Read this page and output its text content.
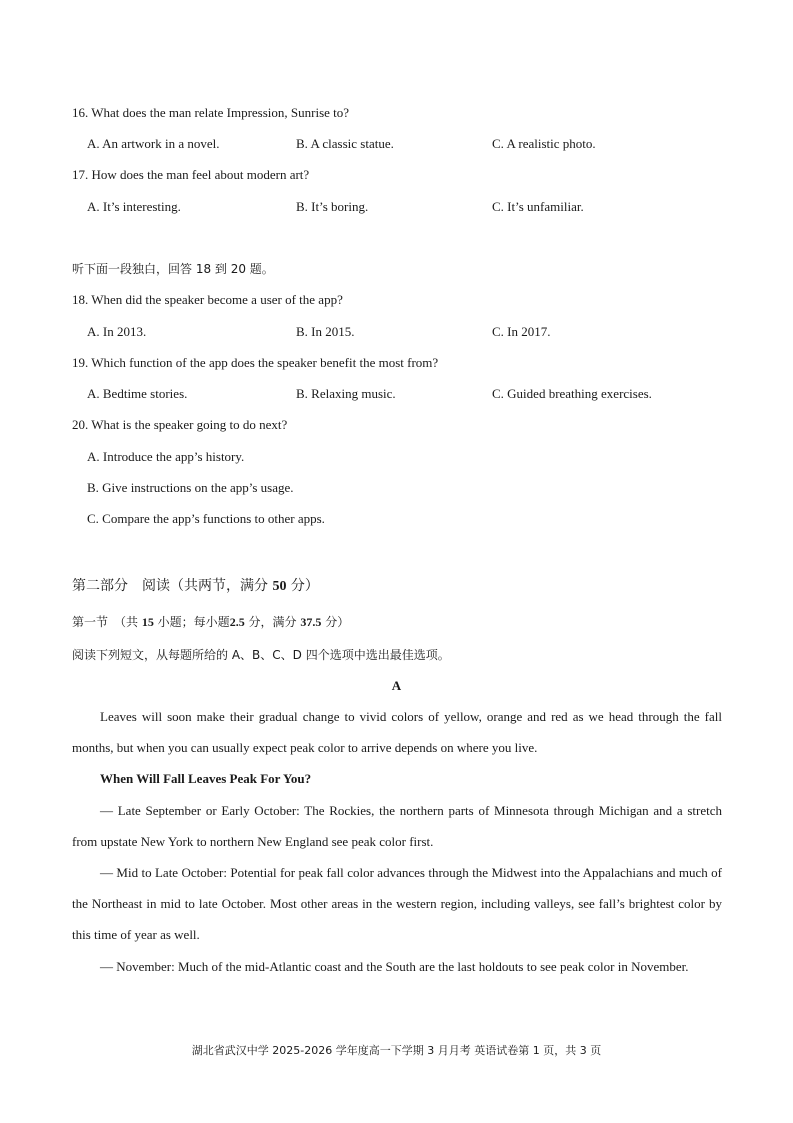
16. What does the man relate Impression, Sunrise to?
A. An artwork in a novel.	B. A classic statue.	C. A realistic photo.
17. How does the man feel about modern art?
A. It’s interesting.	B. It’s boring.	C. It’s unfamiliar.
听下面一段独白，回答 18 到 20 题。
18. When did the speaker become a user of the app?
A. In 2013.	B. In 2015.	C. In 2017.
19. Which function of the app does the speaker benefit the most from?
A. Bedtime stories.	B. Relaxing music.	C. Guided breathing exercises.
20. What is the speaker going to do next?
A. Introduce the app’s history.
B. Give instructions on the app’s usage.
C. Compare the app’s functions to other apps.
第二部分　阅读（共两节，满分 50 分）
第一节　（共 15 小题；每小题2.5 分，满分 37.5 分）
阅读下列短文，从每题所给的 A、B、C、D 四个选项中选出最佳选项。
A
Leaves will soon make their gradual change to vivid colors of yellow, orange and red as we head through the fall months, but when you can usually expect peak color to arrive depends on where you live.
When Will Fall Leaves Peak For You?
— Late September or Early October: The Rockies, the northern parts of Minnesota through Michigan and a stretch from upstate New York to northern New England see peak color first.
— Mid to Late October: Potential for peak fall color advances through the Midwest into the Appalachians and much of the Northeast in mid to late October. Most other areas in the western region, including valleys, see fall’s brightest color by this time of year as well.
— November: Much of the mid-Atlantic coast and the South are the last holdouts to see peak color in November.
湖北省武汉中学 2025-2026 学年度高一下学期 3 月月考 英语试卷第 1 页，共 3 页
